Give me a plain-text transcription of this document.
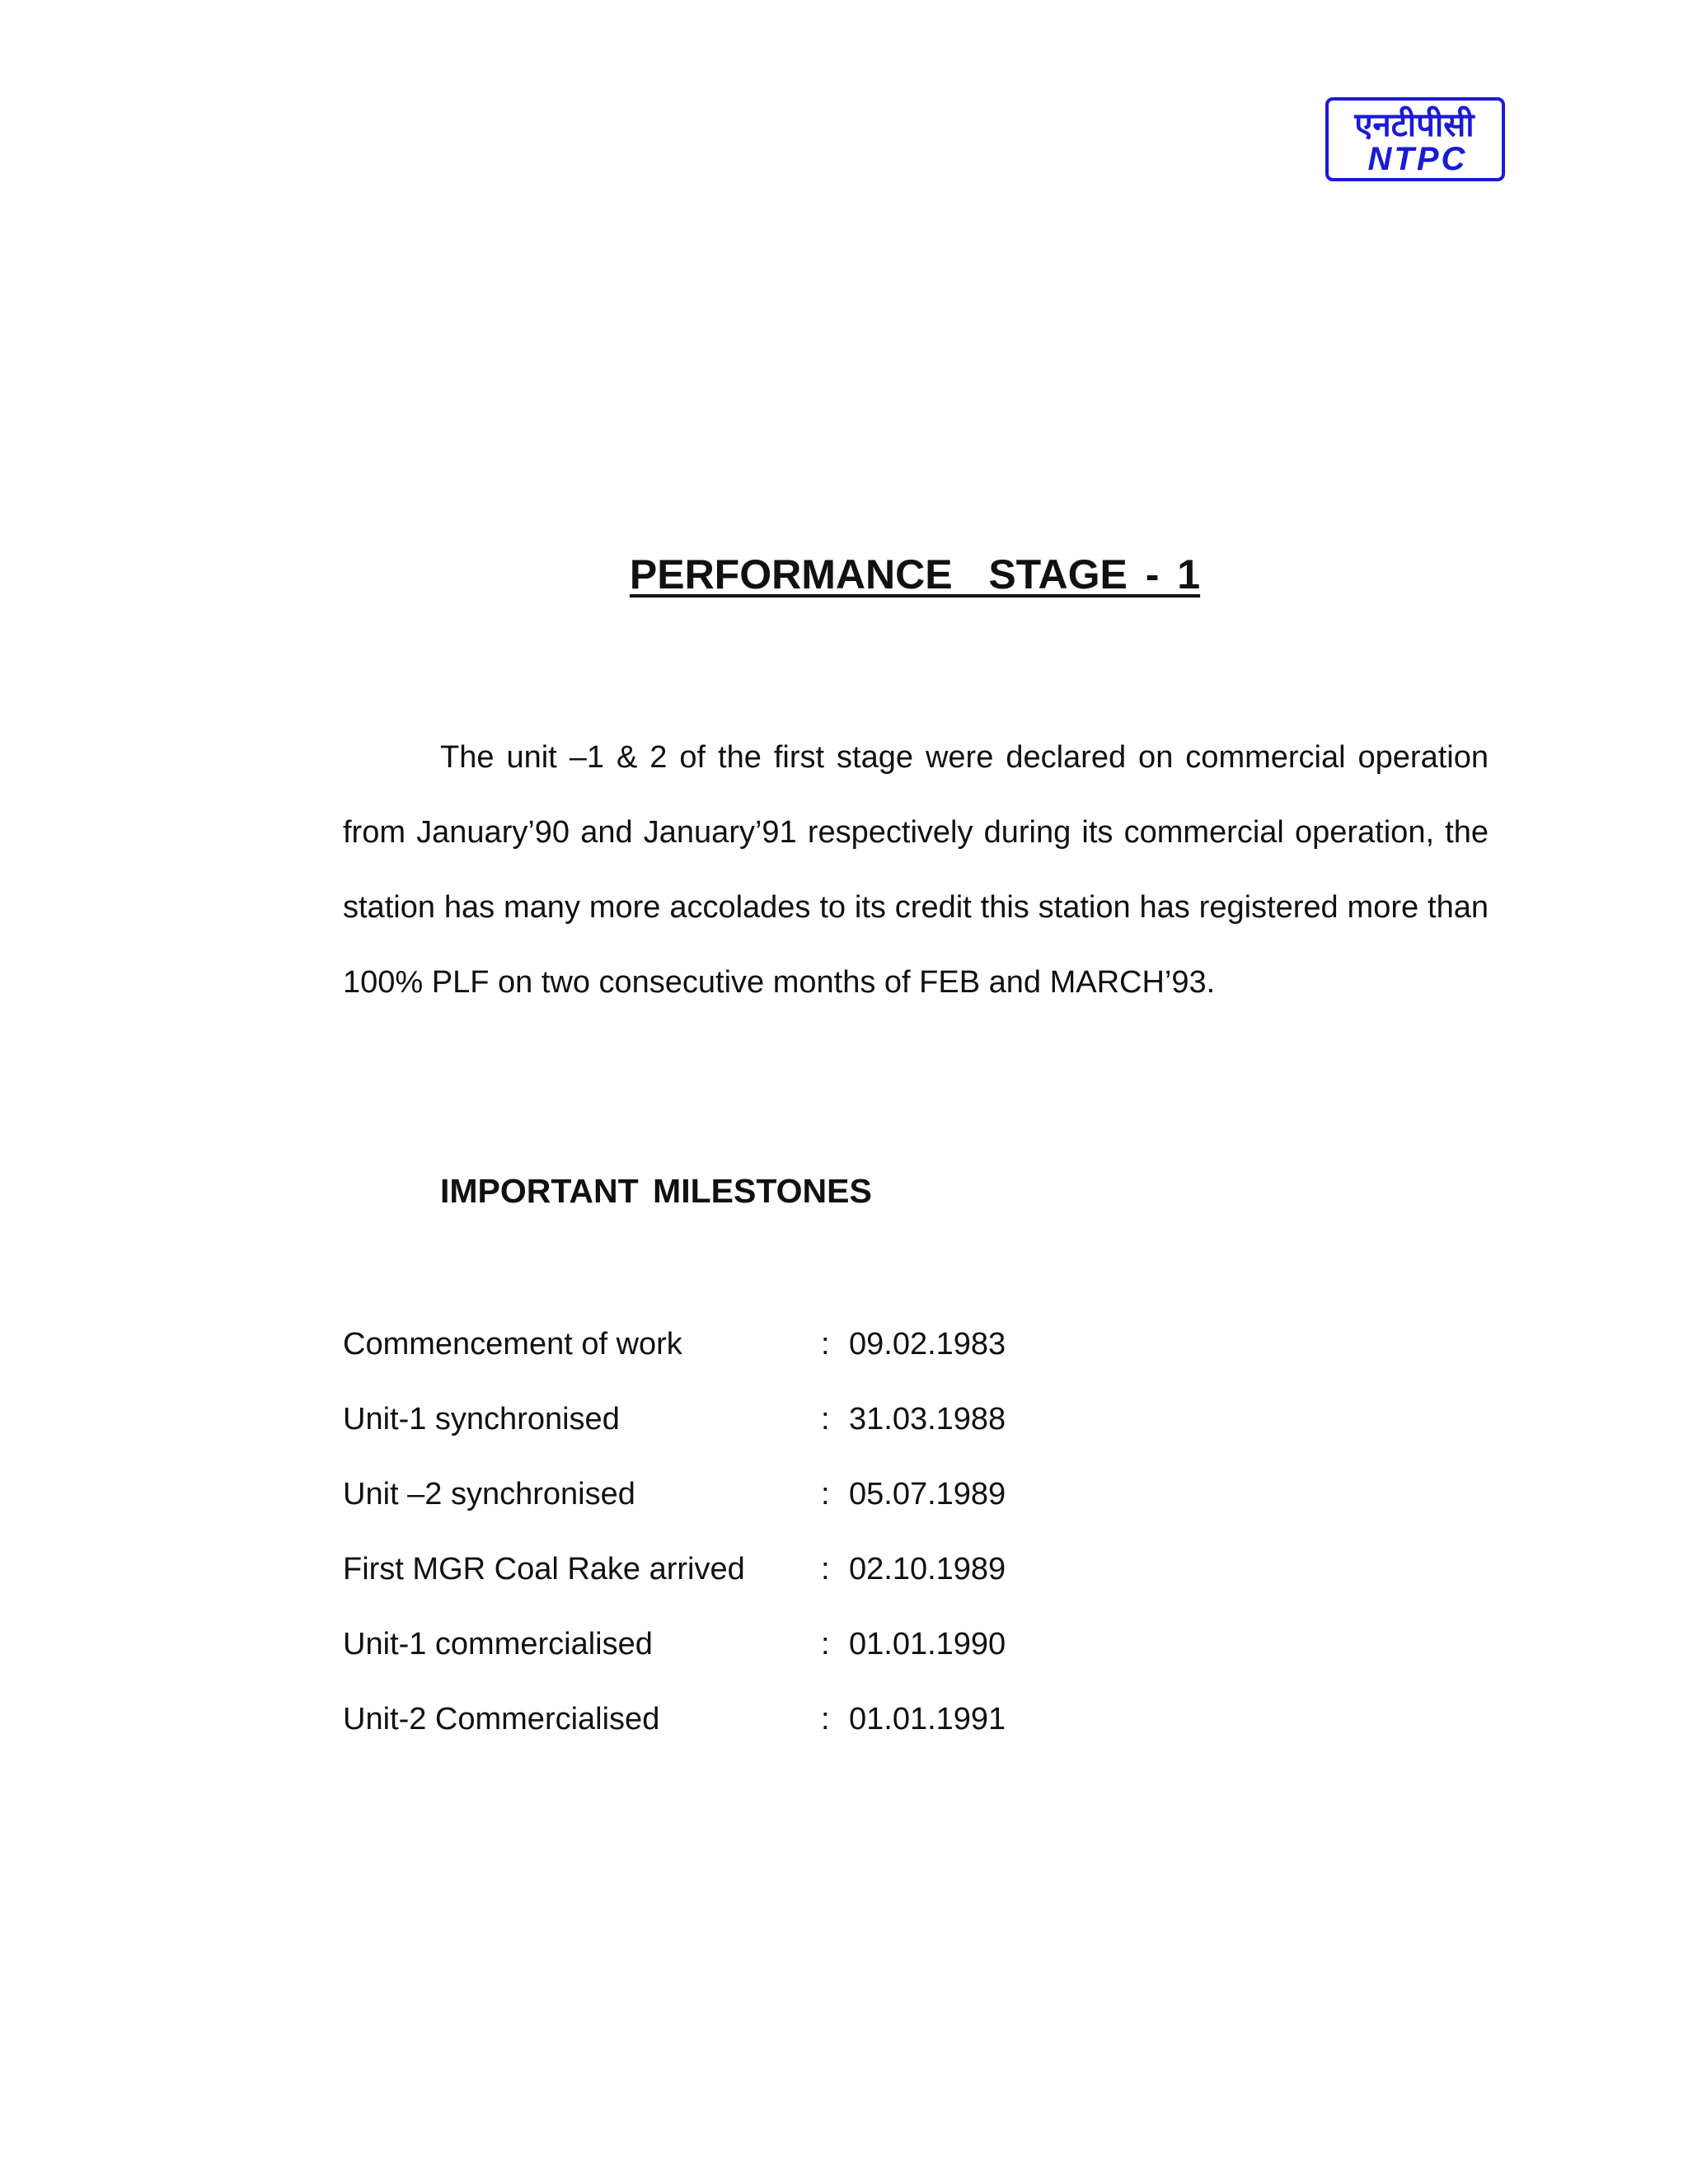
एनटीपीसी
NTPC
PERFORMANCE  STAGE - 1

The unit –1 & 2 of the first stage were declared on commercial operation from January’90 and January’91 respectively during its commercial operation, the station has many more accolades to its credit this station has registered more than 100% PLF on two consecutive months of FEB and MARCH’93.

IMPORTANT MILESTONES
Commencement of work	: 09.02.1983
Unit-1 synchronised	: 31.03.1988
Unit –2 synchronised	: 05.07.1989
First MGR Coal Rake arrived : 02.10.1989
Unit-1 commercialised	: 01.01.1990
Unit-2 Commercialised	: 01.01.1991
